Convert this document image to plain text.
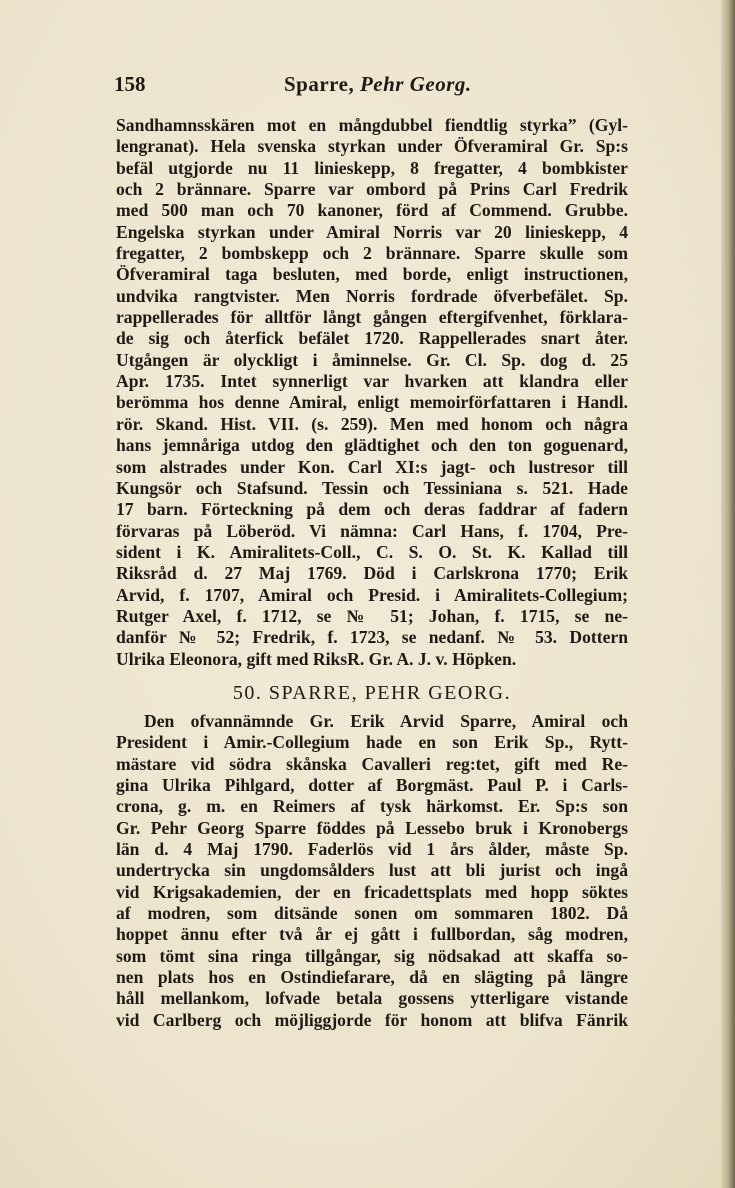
158	Sparre, Pehr Georg.
Sandhamnsskären mot en mångdubbel fiendtlig styrka” (Gyl-
lengranat). Hela svenska styrkan under Öfveramiral Gr. Sp:s
befäl utgjorde nu 11 linieskepp, 8 fregatter, 4 bombkister
och 2 brännare. Sparre var ombord på Prins Carl Fredrik
med 500 man och 70 kanoner, förd af Commend. Grubbe.
Engelska styrkan under Amiral Norris var 20 linieskepp, 4
fregatter, 2 bombskepp och 2 brännare. Sparre skulle som
Öfveramiral taga besluten, med borde, enligt instructionen,
undvika rangtvister. Men Norris fordrade öfverbefälet. Sp.
rappellerades för alltför långt gången eftergifvenhet, förklara-
de sig och återfick befälet 1720. Rappellerades snart åter.
Utgången är olyckligt i åminnelse. Gr. Cl. Sp. dog d. 25
Apr. 1735. Intet synnerligt var hvarken att klandra eller
berömma hos denne Amiral, enligt memoirförfattaren i Handl.
rör. Skand. Hist. VII. (s. 259). Men med honom och några
hans jemnåriga utdog den glädtighet och den ton goguenard,
som alstrades under Kon. Carl XI:s jagt- och lustresor till
Kungsör och Stafsund. Tessin och Tessiniana s. 521. Hade
17 barn. Förteckning på dem och deras faddrar af fadern
förvaras på Löberöd. Vi nämna: Carl Hans, f. 1704, Pre-
sident i K. Amiralitets-Coll., C. S. O. St. K. Kallad till
Riksråd d. 27 Maj 1769. Död i Carlskrona 1770; Erik
Arvid, f. 1707, Amiral och Presid. i Amiralitets-Collegium;
Rutger Axel, f. 1712, se № 51; Johan, f. 1715, se ne-
danför № 52; Fredrik, f. 1723, se nedanf. № 53. Dottern
Ulrika Eleonora, gift med RiksR. Gr. A. J. v. Höpken.
50. SPARRE, PEHR GEORG.
Den ofvannämnde Gr. Erik Arvid Sparre, Amiral och
President i Amir.-Collegium hade en son Erik Sp., Rytt-
mästare vid södra skånska Cavalleri reg:tet, gift med Re-
gina Ulrika Pihlgard, dotter af Borgmäst. Paul P. i Carls-
crona, g. m. en Reimers af tysk härkomst. Er. Sp:s son
Gr. Pehr Georg Sparre föddes på Lessebo bruk i Kronobergs
län d. 4 Maj 1790. Faderlös vid 1 års ålder, måste Sp.
undertrycka sin ungdomsålders lust att bli jurist och ingå
vid Krigsakademien, der en fricadettsplats med hopp söktes
af modren, som ditsände sonen om sommaren 1802. Då
hoppet ännu efter två år ej gått i fullbordan, såg modren,
som tömt sina ringa tillgångar, sig nödsakad att skaffa so-
nen plats hos en Ostindiefarare, då en slägting på längre
håll mellankom, lofvade betala gossens ytterligare vistande
vid Carlberg och möjliggjorde för honom att blifva Fänrik
